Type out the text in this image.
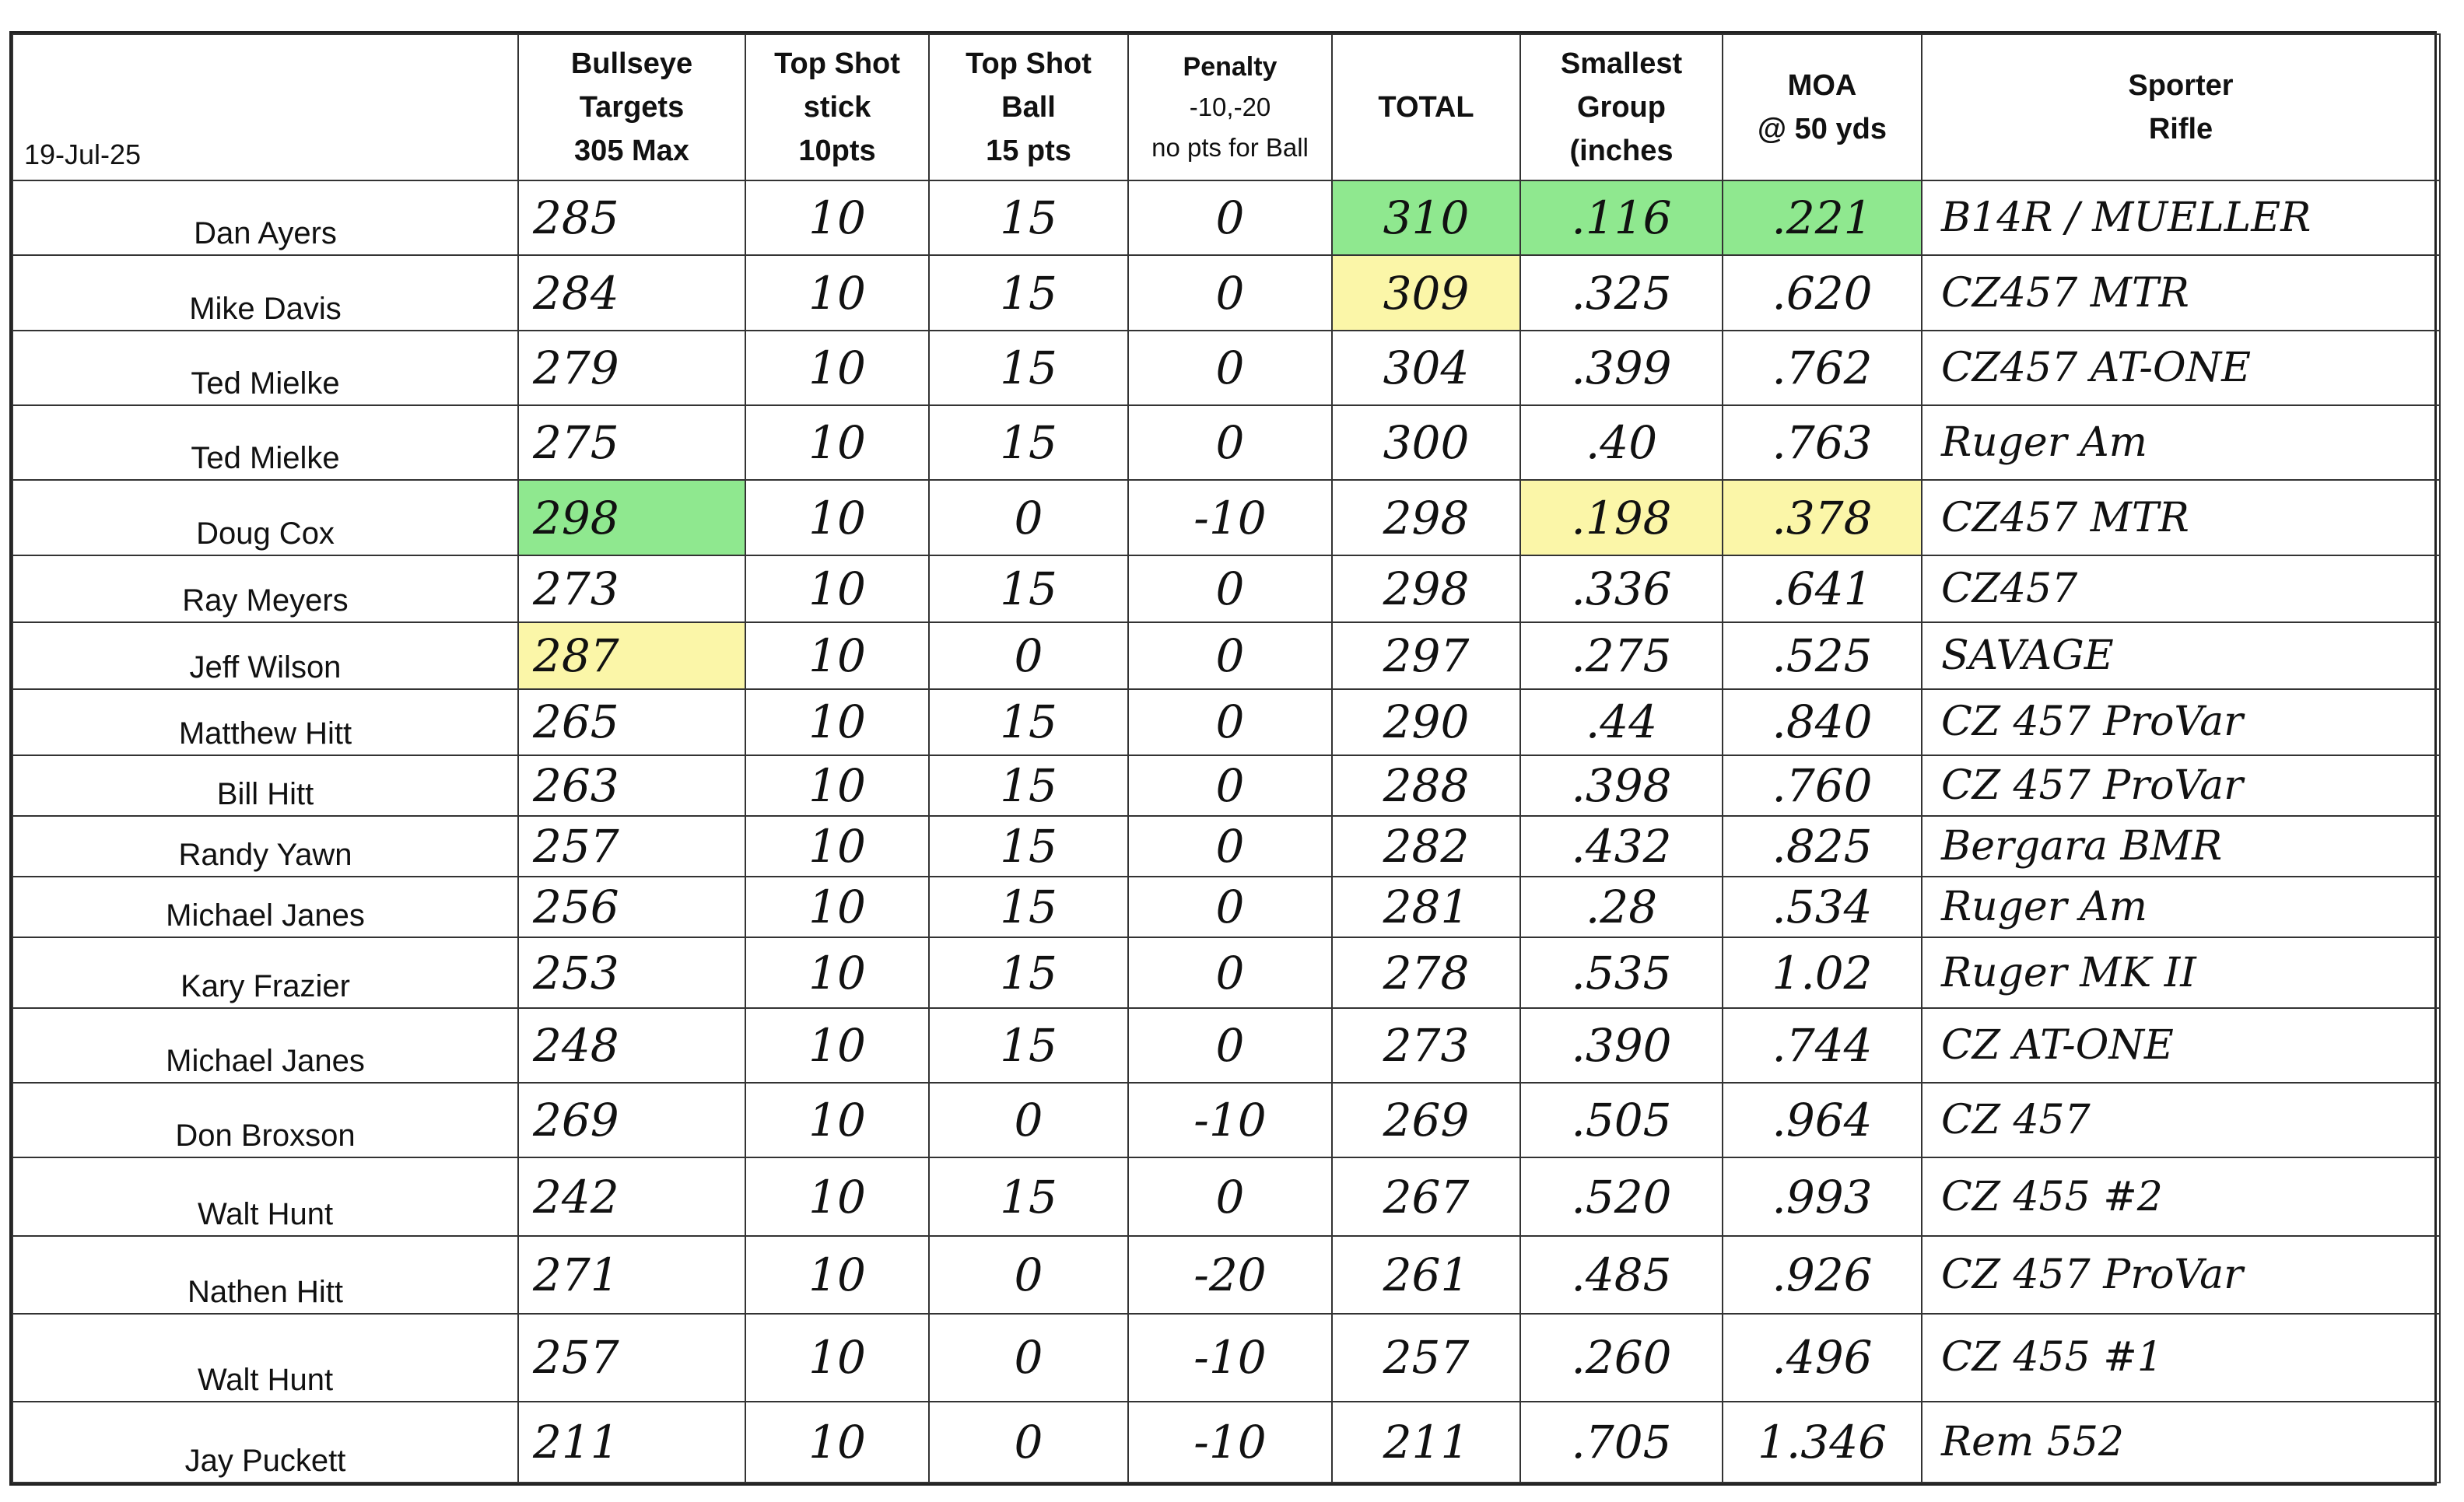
19-Jul-25	Bullseye
Targets
305 Max	Top Shot
stick
10pts	Top Shot
Ball
15 pts	Penalty
-10,-20
no pts for Ball	TOTAL	Smallest
Group
(inches	MOA
@ 50 yds	Sporter
Rifle

Dan Ayers	285	10	15	0	310	.116	.221	B14R / MUELLER
Mike Davis	284	10	15	0	309	.325	.620	CZ457 MTR
Ted Mielke	279	10	15	0	304	.399	.762	CZ457 AT-ONE
Ted Mielke	275	10	15	0	300	.40	.763	Ruger Am
Doug Cox	298	10	0	-10	298	.198	.378	CZ457 MTR
Ray Meyers	273	10	15	0	298	.336	.641	CZ457
Jeff Wilson	287	10	0	0	297	.275	.525	SAVAGE
Matthew Hitt	265	10	15	0	290	.44	.840	CZ 457 ProVar
Bill Hitt	263	10	15	0	288	.398	.760	CZ 457 ProVar
Randy Yawn	257	10	15	0	282	.432	.825	Bergara BMR
Michael Janes	256	10	15	0	281	.28	.534	Ruger Am
Kary Frazier	253	10	15	0	278	.535	1.02	Ruger MK II
Michael Janes	248	10	15	0	273	.390	.744	CZ AT-ONE
Don Broxson	269	10	0	-10	269	.505	.964	CZ 457
Walt Hunt	242	10	15	0	267	.520	.993	CZ 455 #2
Nathen Hitt	271	10	0	-20	261	.485	.926	CZ 457 ProVar
Walt Hunt	257	10	0	-10	257	.260	.496	CZ 455 #1
Jay Puckett	211	10	0	-10	211	.705	1.346	Rem 552
